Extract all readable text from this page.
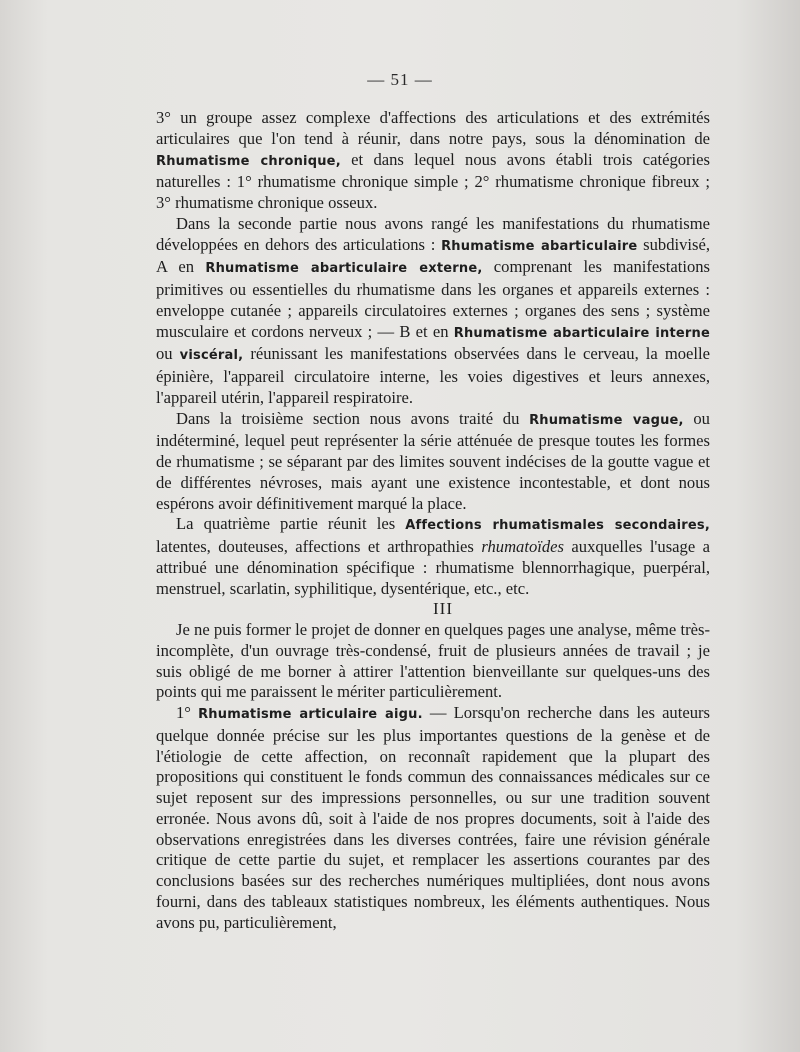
— 51 —

3° un groupe assez complexe d'affections des articulations et des extrémités articulaires que l'on tend à réunir, dans notre pays, sous la dénomination de Rhumatisme chronique, et dans lequel nous avons établi trois catégories naturelles : 1° rhumatisme chronique simple ; 2° rhumatisme chronique fibreux ; 3° rhumatisme chronique osseux.

Dans la seconde partie nous avons rangé les manifestations du rhumatisme développées en dehors des articulations : Rhumatisme abarticulaire subdivisé, A en Rhumatisme abarticulaire externe, comprenant les manifestations primitives ou essentielles du rhumatisme dans les organes et appareils externes : enveloppe cutanée ; appareils circulatoires externes ; organes des sens ; système musculaire et cordons nerveux ; — B et en Rhumatisme abarticulaire interne ou viscéral, réunissant les manifestations observées dans le cerveau, la moelle épinière, l'appareil circulatoire interne, les voies digestives et leurs annexes, l'appareil utérin, l'appareil respiratoire.

Dans la troisième section nous avons traité du Rhumatisme vague, ou indéterminé, lequel peut représenter la série atténuée de presque toutes les formes de rhumatisme ; se séparant par des limites souvent indécises de la goutte vague et de différentes névroses, mais ayant une existence incontestable, et dont nous espérons avoir définitivement marqué la place.

La quatrième partie réunit les Affections rhumatismales secondaires, latentes, douteuses, affections et arthropathies rhumatoïdes auxquelles l'usage a attribué une dénomination spécifique : rhumatisme blennorrhagique, puerpéral, menstruel, scarlatin, syphilitique, dysentérique, etc., etc.

III

Je ne puis former le projet de donner en quelques pages une analyse, même très-incomplète, d'un ouvrage très-condensé, fruit de plusieurs années de travail ; je suis obligé de me borner à attirer l'attention bienveillante sur quelques-uns des points qui me paraissent le mériter particulièrement.

1° Rhumatisme articulaire aigu. — Lorsqu'on recherche dans les auteurs quelque donnée précise sur les plus importantes questions de la genèse et de l'étiologie de cette affection, on reconnaît rapidement que la plupart des propositions qui constituent le fonds commun des connaissances médicales sur ce sujet reposent sur des impressions personnelles, ou sur une tradition souvent erronée. Nous avons dû, soit à l'aide de nos propres documents, soit à l'aide des observations enregistrées dans les diverses contrées, faire une révision générale critique de cette partie du sujet, et remplacer les assertions courantes par des conclusions basées sur des recherches numériques multipliées, dont nous avons fourni, dans des tableaux statistiques nombreux, les éléments authentiques. Nous avons pu, particulièrement,
